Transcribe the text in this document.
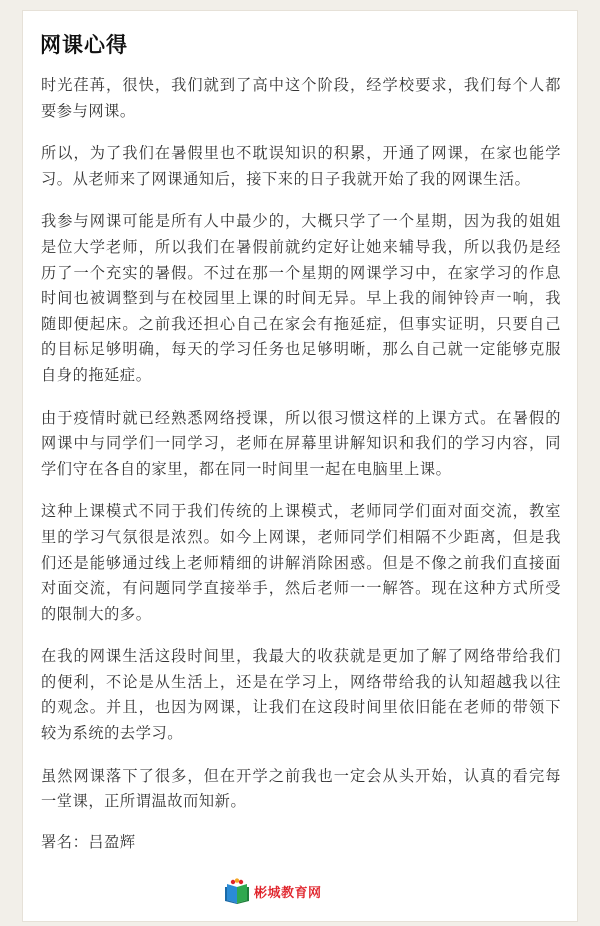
网课心得

时光荏苒，很快，我们就到了高中这个阶段，经学校要求，我们每个人都要参与网课。

所以，为了我们在暑假里也不耽误知识的积累，开通了网课，在家也能学习。从老师来了网课通知后，接下来的日子我就开始了我的网课生活。

我参与网课可能是所有人中最少的，大概只学了一个星期，因为我的姐姐是位大学老师，所以我们在暑假前就约定好让她来辅导我，所以我仍是经历了一个充实的暑假。不过在那一个星期的网课学习中，在家学习的作息时间也被调整到与在校园里上课的时间无异。早上我的闹钟铃声一响，我随即便起床。之前我还担心自己在家会有拖延症，但事实证明，只要自己的目标足够明确，每天的学习任务也足够明晰，那么自己就一定能够克服自身的拖延症。

由于疫情时就已经熟悉网络授课，所以很习惯这样的上课方式。在暑假的网课中与同学们一同学习，老师在屏幕里讲解知识和我们的学习内容，同学们守在各自的家里，都在同一时间里一起在电脑里上课。

这种上课模式不同于我们传统的上课模式，老师同学们面对面交流，教室里的学习气氛很是浓烈。如今上网课，老师同学们相隔不少距离，但是我们还是能够通过线上老师精细的讲解消除困惑。但是不像之前我们直接面对面交流，有问题同学直接举手，然后老师一一解答。现在这种方式所受的限制大的多。

在我的网课生活这段时间里，我最大的收获就是更加了解了网络带给我们的便利，不论是从生活上，还是在学习上，网络带给我的认知超越我以往的观念。并且，也因为网课，让我们在这段时间里依旧能在老师的带领下较为系统的去学习。

虽然网课落下了很多，但在开学之前我也一定会从头开始，认真的看完每一堂课，正所谓温故而知新。

署名：吕盈辉

彬城教育网
